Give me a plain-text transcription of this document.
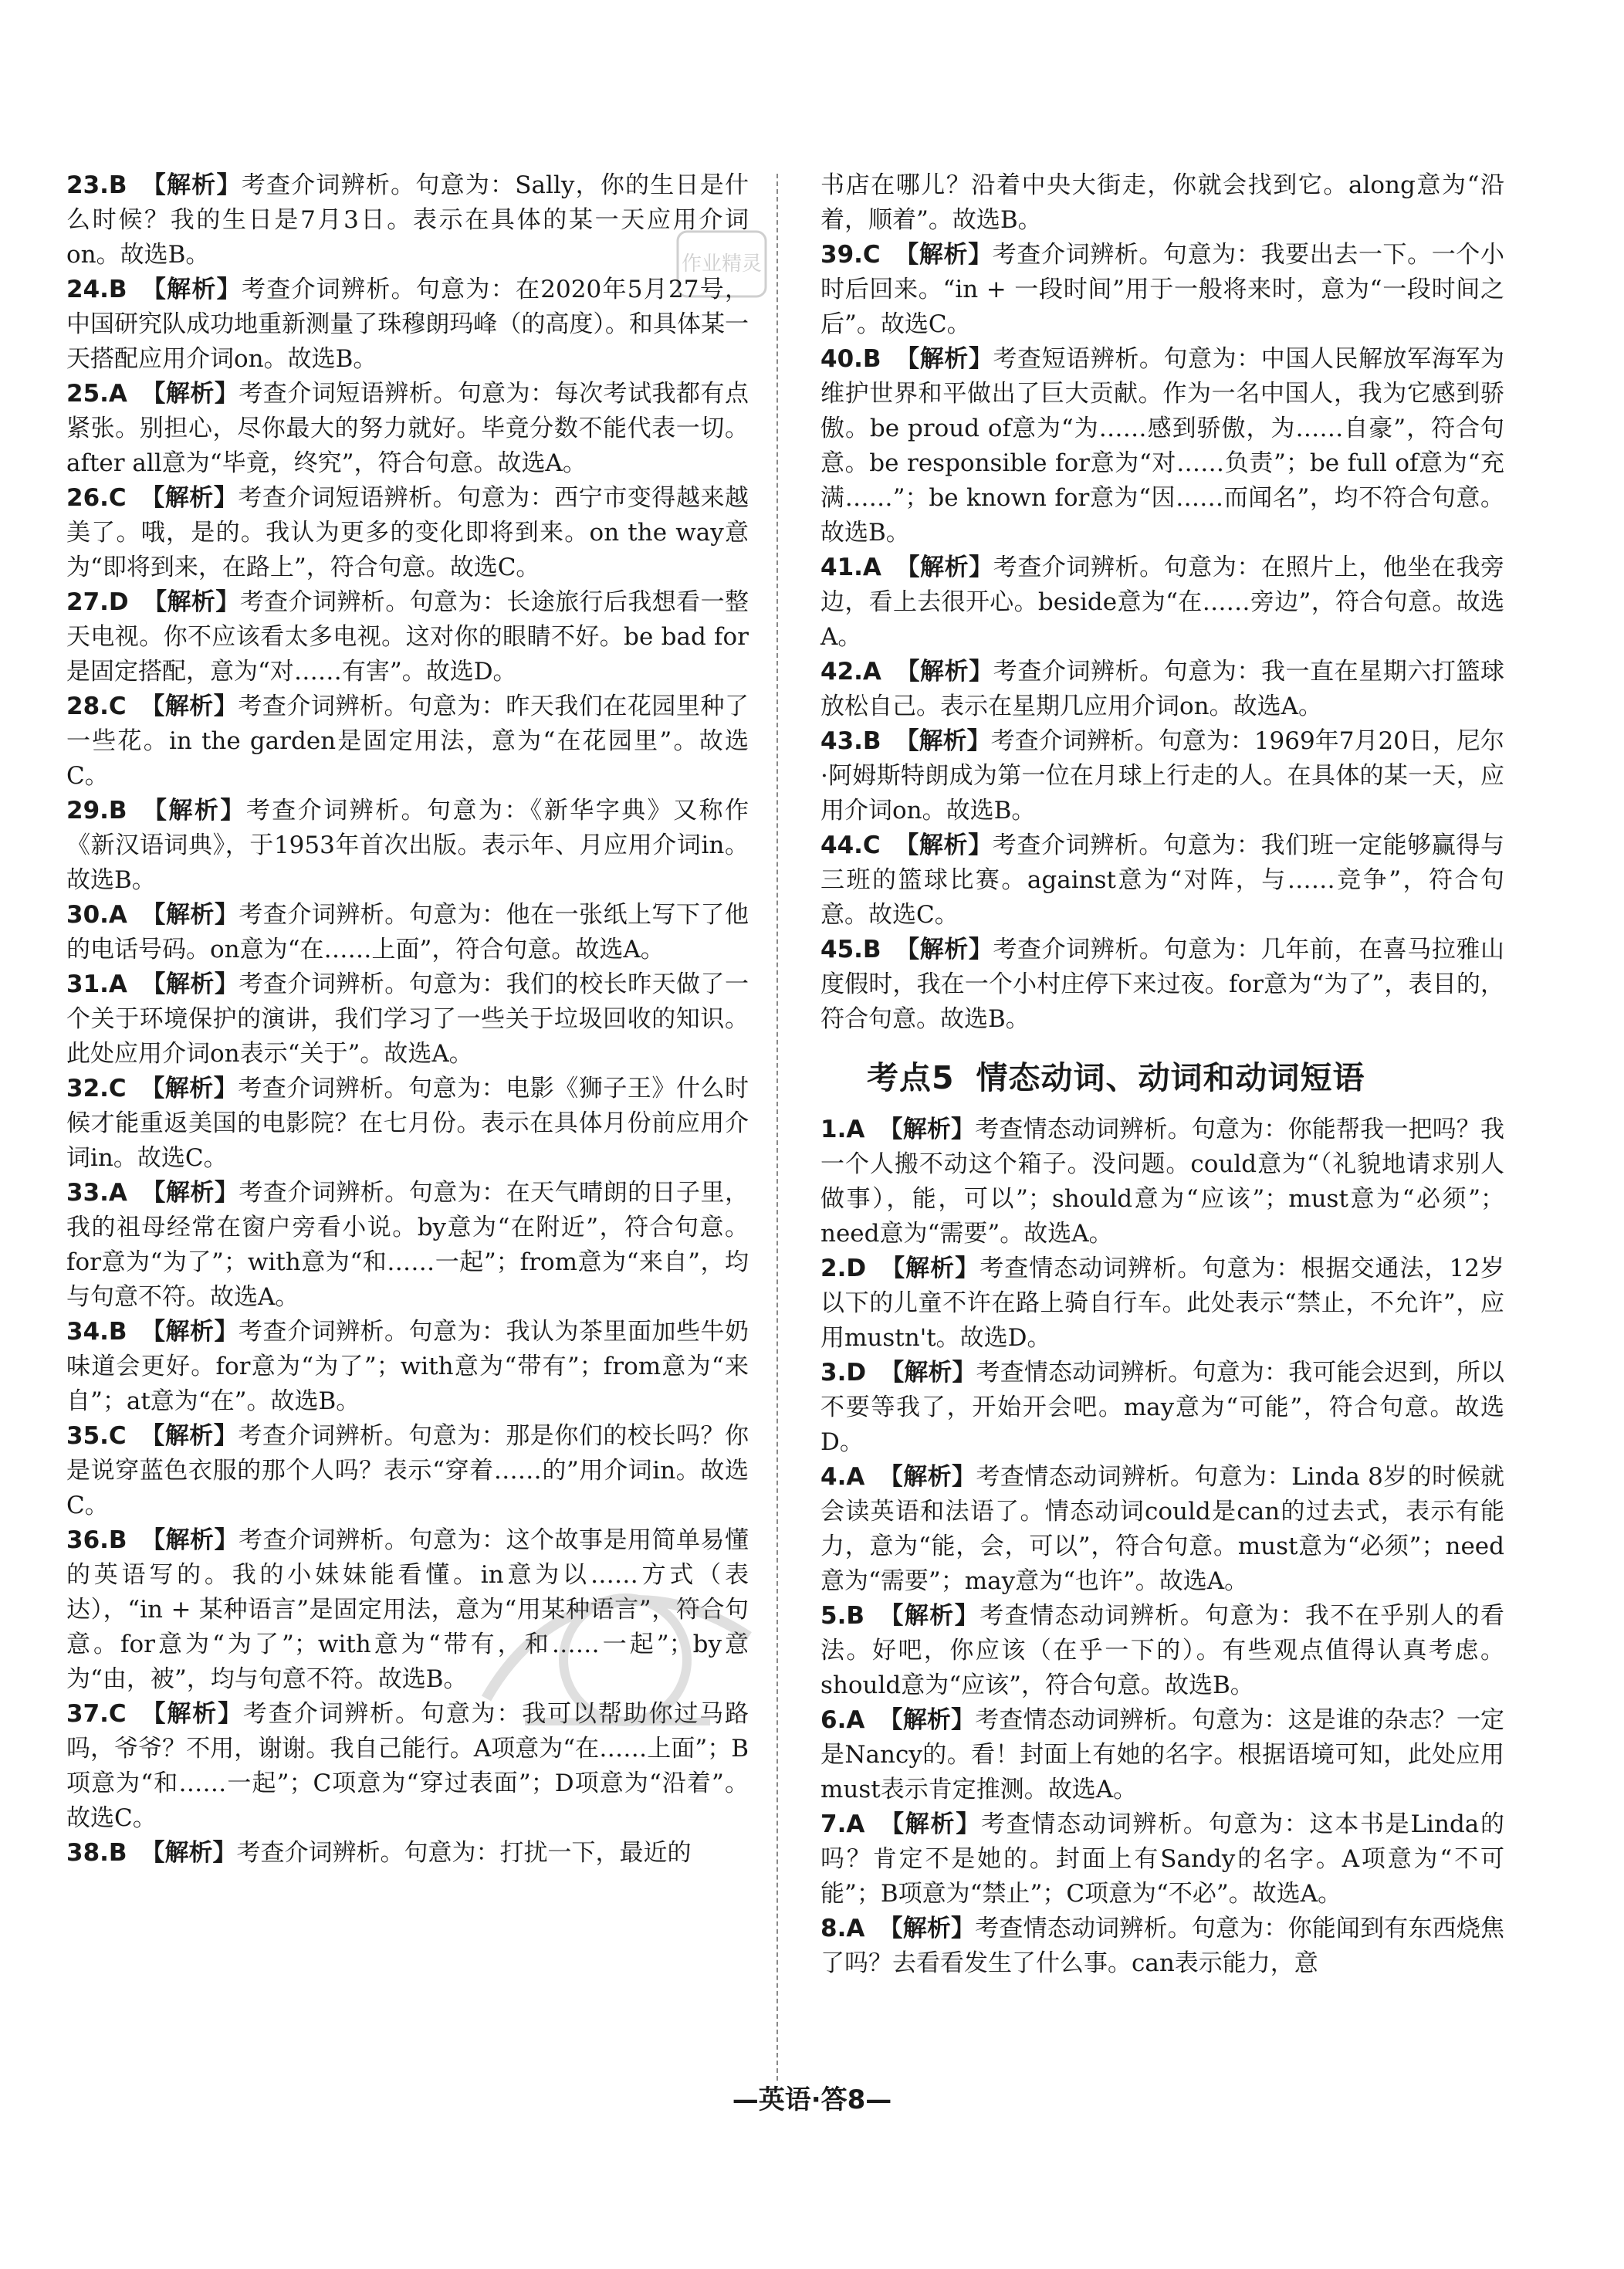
作业精灵
23.B 【解析】考查介词辨析。句意为：Sally，你的生日是什么时候？我的生日是7月3日。表示在具体的某一天应用介词on。故选B。
24.B 【解析】考查介词辨析。句意为：在2020年5月27号，中国研究队成功地重新测量了珠穆朗玛峰（的高度）。和具体某一天搭配应用介词on。故选B。
25.A 【解析】考查介词短语辨析。句意为：每次考试我都有点紧张。别担心，尽你最大的努力就好。毕竟分数不能代表一切。after all意为“毕竟，终究”，符合句意。故选A。
26.C 【解析】考查介词短语辨析。句意为：西宁市变得越来越美了。哦，是的。我认为更多的变化即将到来。on the way意为“即将到来，在路上”，符合句意。故选C。
27.D 【解析】考查介词辨析。句意为：长途旅行后我想看一整天电视。你不应该看太多电视。这对你的眼睛不好。be bad for是固定搭配，意为“对……有害”。故选D。
28.C 【解析】考查介词辨析。句意为：昨天我们在花园里种了一些花。in the garden是固定用法，意为“在花园里”。故选C。
29.B 【解析】考查介词辨析。句意为：《新华字典》又称作《新汉语词典》，于1953年首次出版。表示年、月应用介词in。故选B。
30.A 【解析】考查介词辨析。句意为：他在一张纸上写下了他的电话号码。on意为“在……上面”，符合句意。故选A。
31.A 【解析】考查介词辨析。句意为：我们的校长昨天做了一个关于环境保护的演讲，我们学习了一些关于垃圾回收的知识。此处应用介词on表示“关于”。故选A。
32.C 【解析】考查介词辨析。句意为：电影《狮子王》什么时候才能重返美国的电影院？在七月份。表示在具体月份前应用介词in。故选C。
33.A 【解析】考查介词辨析。句意为：在天气晴朗的日子里，我的祖母经常在窗户旁看小说。by意为“在附近”，符合句意。for意为“为了”；with意为“和……一起”；from意为“来自”，均与句意不符。故选A。
34.B 【解析】考查介词辨析。句意为：我认为茶里面加些牛奶味道会更好。for意为“为了”；with意为“带有”；from意为“来自”；at意为“在”。故选B。
35.C 【解析】考查介词辨析。句意为：那是你们的校长吗？你是说穿蓝色衣服的那个人吗？表示“穿着……的”用介词in。故选C。
36.B 【解析】考查介词辨析。句意为：这个故事是用简单易懂的英语写的。我的小妹妹能看懂。in意为以……方式（表达），“in + 某种语言”是固定用法，意为“用某种语言”，符合句意。for意为“为了”；with意为“带有，和……一起”；by意为“由，被”，均与句意不符。故选B。
37.C 【解析】考查介词辨析。句意为：我可以帮助你过马路吗，爷爷？不用，谢谢。我自己能行。A项意为“在……上面”；B项意为“和……一起”；C项意为“穿过表面”；D项意为“沿着”。故选C。
38.B 【解析】考查介词辨析。句意为：打扰一下，最近的
书店在哪儿？沿着中央大街走，你就会找到它。along意为“沿着，顺着”。故选B。
39.C 【解析】考查介词辨析。句意为：我要出去一下。一个小时后回来。“in + 一段时间”用于一般将来时，意为“一段时间之后”。故选C。
40.B 【解析】考查短语辨析。句意为：中国人民解放军海军为维护世界和平做出了巨大贡献。作为一名中国人，我为它感到骄傲。be proud of意为“为……感到骄傲，为……自豪”，符合句意。be responsible for意为“对……负责”；be full of意为“充满……”；be known for意为“因……而闻名”，均不符合句意。故选B。
41.A 【解析】考查介词辨析。句意为：在照片上，他坐在我旁边，看上去很开心。beside意为“在……旁边”，符合句意。故选A。
42.A 【解析】考查介词辨析。句意为：我一直在星期六打篮球放松自己。表示在星期几应用介词on。故选A。
43.B 【解析】考查介词辨析。句意为：1969年7月20日，尼尔·阿姆斯特朗成为第一位在月球上行走的人。在具体的某一天，应用介词on。故选B。
44.C 【解析】考查介词辨析。句意为：我们班一定能够赢得与三班的篮球比赛。against意为“对阵，与……竞争”，符合句意。故选C。
45.B 【解析】考查介词辨析。句意为：几年前，在喜马拉雅山度假时，我在一个小村庄停下来过夜。for意为“为了”，表目的，符合句意。故选B。
考点5 情态动词、动词和动词短语
1.A 【解析】考查情态动词辨析。句意为：你能帮我一把吗？我一个人搬不动这个箱子。没问题。could意为“（礼貌地请求别人做事），能，可以”；should意为“应该”；must意为“必须”；need意为“需要”。故选A。
2.D 【解析】考查情态动词辨析。句意为：根据交通法，12岁以下的儿童不许在路上骑自行车。此处表示“禁止，不允许”，应用mustn't。故选D。
3.D 【解析】考查情态动词辨析。句意为：我可能会迟到，所以不要等我了，开始开会吧。may意为“可能”，符合句意。故选D。
4.A 【解析】考查情态动词辨析。句意为：Linda 8岁的时候就会读英语和法语了。情态动词could是can的过去式，表示有能力，意为“能，会，可以”，符合句意。must意为“必须”；need意为“需要”；may意为“也许”。故选A。
5.B 【解析】考查情态动词辨析。句意为：我不在乎别人的看法。好吧，你应该（在乎一下的）。有些观点值得认真考虑。should意为“应该”，符合句意。故选B。
6.A 【解析】考查情态动词辨析。句意为：这是谁的杂志？一定是Nancy的。看！封面上有她的名字。根据语境可知，此处应用must表示肯定推测。故选A。
7.A 【解析】考查情态动词辨析。句意为：这本书是Linda的吗？肯定不是她的。封面上有Sandy的名字。A项意为“不可能”；B项意为“禁止”；C项意为“不必”。故选A。
8.A 【解析】考查情态动词辨析。句意为：你能闻到有东西烧焦了吗？去看看发生了什么事。can表示能力，意
—英语·答8—
